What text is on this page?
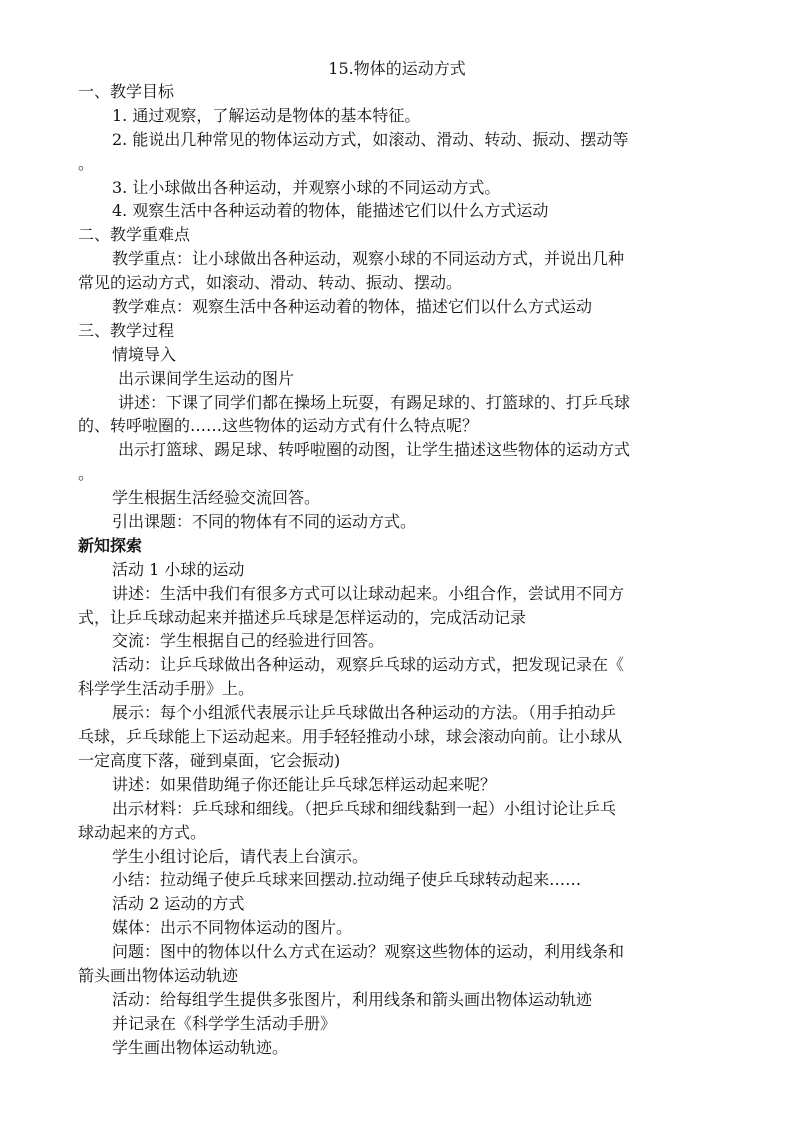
15.物体的运动方式

一、教学目标

1. 通过观察，了解运动是物体的基本特征。

2. 能说出几种常见的物体运动方式，如滚动、滑动、转动、振动、摆动等

。

3. 让小球做出各种运动，并观察小球的不同运动方式。

4. 观察生活中各种运动着的物体，能描述它们以什么方式运动

二、教学重难点

教学重点：让小球做出各种运动，观察小球的不同运动方式，并说出几种

常见的运动方式，如滚动、滑动、转动、振动、摆动。

教学难点：观察生活中各种运动着的物体，描述它们以什么方式运动

三、教学过程

情境导入

出示课间学生运动的图片

讲述：下课了同学们都在操场上玩耍，有踢足球的、打篮球的、打乒乓球

的、转呼啦圈的……这些物体的运动方式有什么特点呢？

出示打篮球、踢足球、转呼啦圈的动图，让学生描述这些物体的运动方式

。

学生根据生活经验交流回答。

引出课题：不同的物体有不同的运动方式。

新知探索

活动 1 小球的运动

讲述：生活中我们有很多方式可以让球动起来。小组合作，尝试用不同方

式，让乒乓球动起来并描述乒乓球是怎样运动的，完成活动记录

交流：学生根据自己的经验进行回答。

活动：让乒乓球做出各种运动，观察乒乓球的运动方式，把发现记录在《

科学学生活动手册》上。

展示：每个小组派代表展示让乒乓球做出各种运动的方法。（用手拍动乒

乓球，乒乓球能上下运动起来。用手轻轻推动小球，球会滚动向前。让小球从

一定高度下落，碰到桌面，它会振动)

讲述：如果借助绳子你还能让乒乓球怎样运动起来呢？

出示材料：乒乓球和细线。（把乒乓球和细线黏到一起）小组讨论让乒乓

球动起来的方式。

学生小组讨论后，请代表上台演示。

小结：拉动绳子使乒乓球来回摆动.拉动绳子使乒乓球转动起来……

活动 2 运动的方式

媒体：出示不同物体运动的图片。

问题：图中的物体以什么方式在运动？观察这些物体的运动，利用线条和

箭头画出物体运动轨迹

活动：给每组学生提供多张图片，利用线条和箭头画出物体运动轨迹

并记录在《科学学生活动手册》

学生画出物体运动轨迹。
